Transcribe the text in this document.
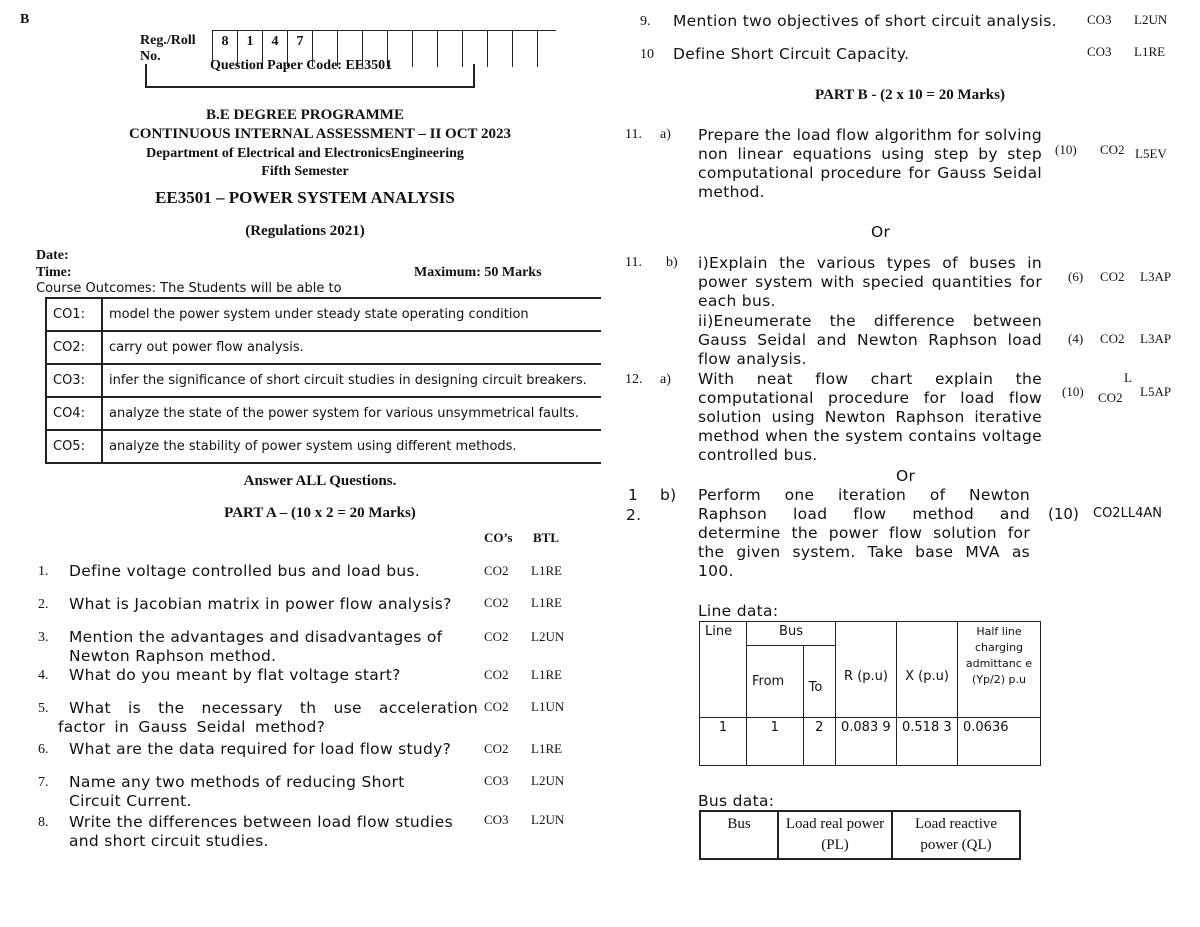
B
Reg./Roll
No.
8	1	4	7
Question Paper Code: EE3501
B.E DEGREE PROGRAMME
CONTINUOUS INTERNAL ASSESSMENT – II OCT 2023
Department of Electrical and ElectronicsEngineering
Fifth Semester
EE3501 – POWER SYSTEM ANALYSIS
(Regulations 2021)
Date:
Time:	Maximum: 50 Marks
Course Outcomes: The Students will be able to
CO1:	model the power system under steady state operating condition
CO2:	carry out power flow analysis.
CO3:	infer the significance of short circuit studies in designing circuit breakers.
CO4:	analyze the state of the power system for various unsymmetrical faults.
CO5:	analyze the stability of power system using different methods.
Answer ALL Questions.
PART A – (10 x 2 = 20 Marks)
CO’s BTL
1. Define voltage controlled bus and load bus.	CO2 L1RE
2. What is Jacobian matrix in power flow analysis?	CO2 L1RE
3. Mention the advantages and disadvantages of Newton Raphson method.
CO2 L2UN
4. What do you meant by flat voltage start?	CO2 L1RE
5.	What is the necessary th use acceleration factor in Gauss Seidal method?
CO2 L1UN
6. What are the data required for load flow study?	CO2 L1RE
7. Name any two methods of reducing Short Circuit Current.
CO3 L2UN
8. Write the differences between load flow studies and short circuit studies.
CO3 L2UN
9. Mention two objectives of short circuit analysis.	CO3 L2UN
10 Define Short Circuit Capacity.	CO3 L1RE
PART B - (2 x 10 = 20 Marks)
11. a) Prepare the load flow algorithm for solving non linear equations using step by step computational procedure for Gauss Seidal method.
(10) CO2 L5EV
Or
11. b) i)Explain the various types of buses in power system with specied quantities for each bus.
(6) CO2 L3AP
ii)Eneumerate the difference between Gauss Seidal and Newton Raphson load flow analysis.
(4) CO2 L3AP
12. a) With neat flow chart explain the computational procedure for load flow solution using Newton Raphson iterative method when the system contains voltage controlled bus.
(10)
L
CO2 L5AP
Or
1
2.
b) Perform one iteration of Newton Raphson load flow method and determine the power flow solution for the given system. Take base MVA as 100.
(10) CO2LL4AN
Line data:
Line	Bus		R (p.u)	X (p.u)	Half line charging admittanc e (Yp/2) p.u
	From	To			
1	1	2	0.083 9	0.518 3	0.0636
Bus data:
Bus	Load real power (PL)	Load reactive power (QL)
